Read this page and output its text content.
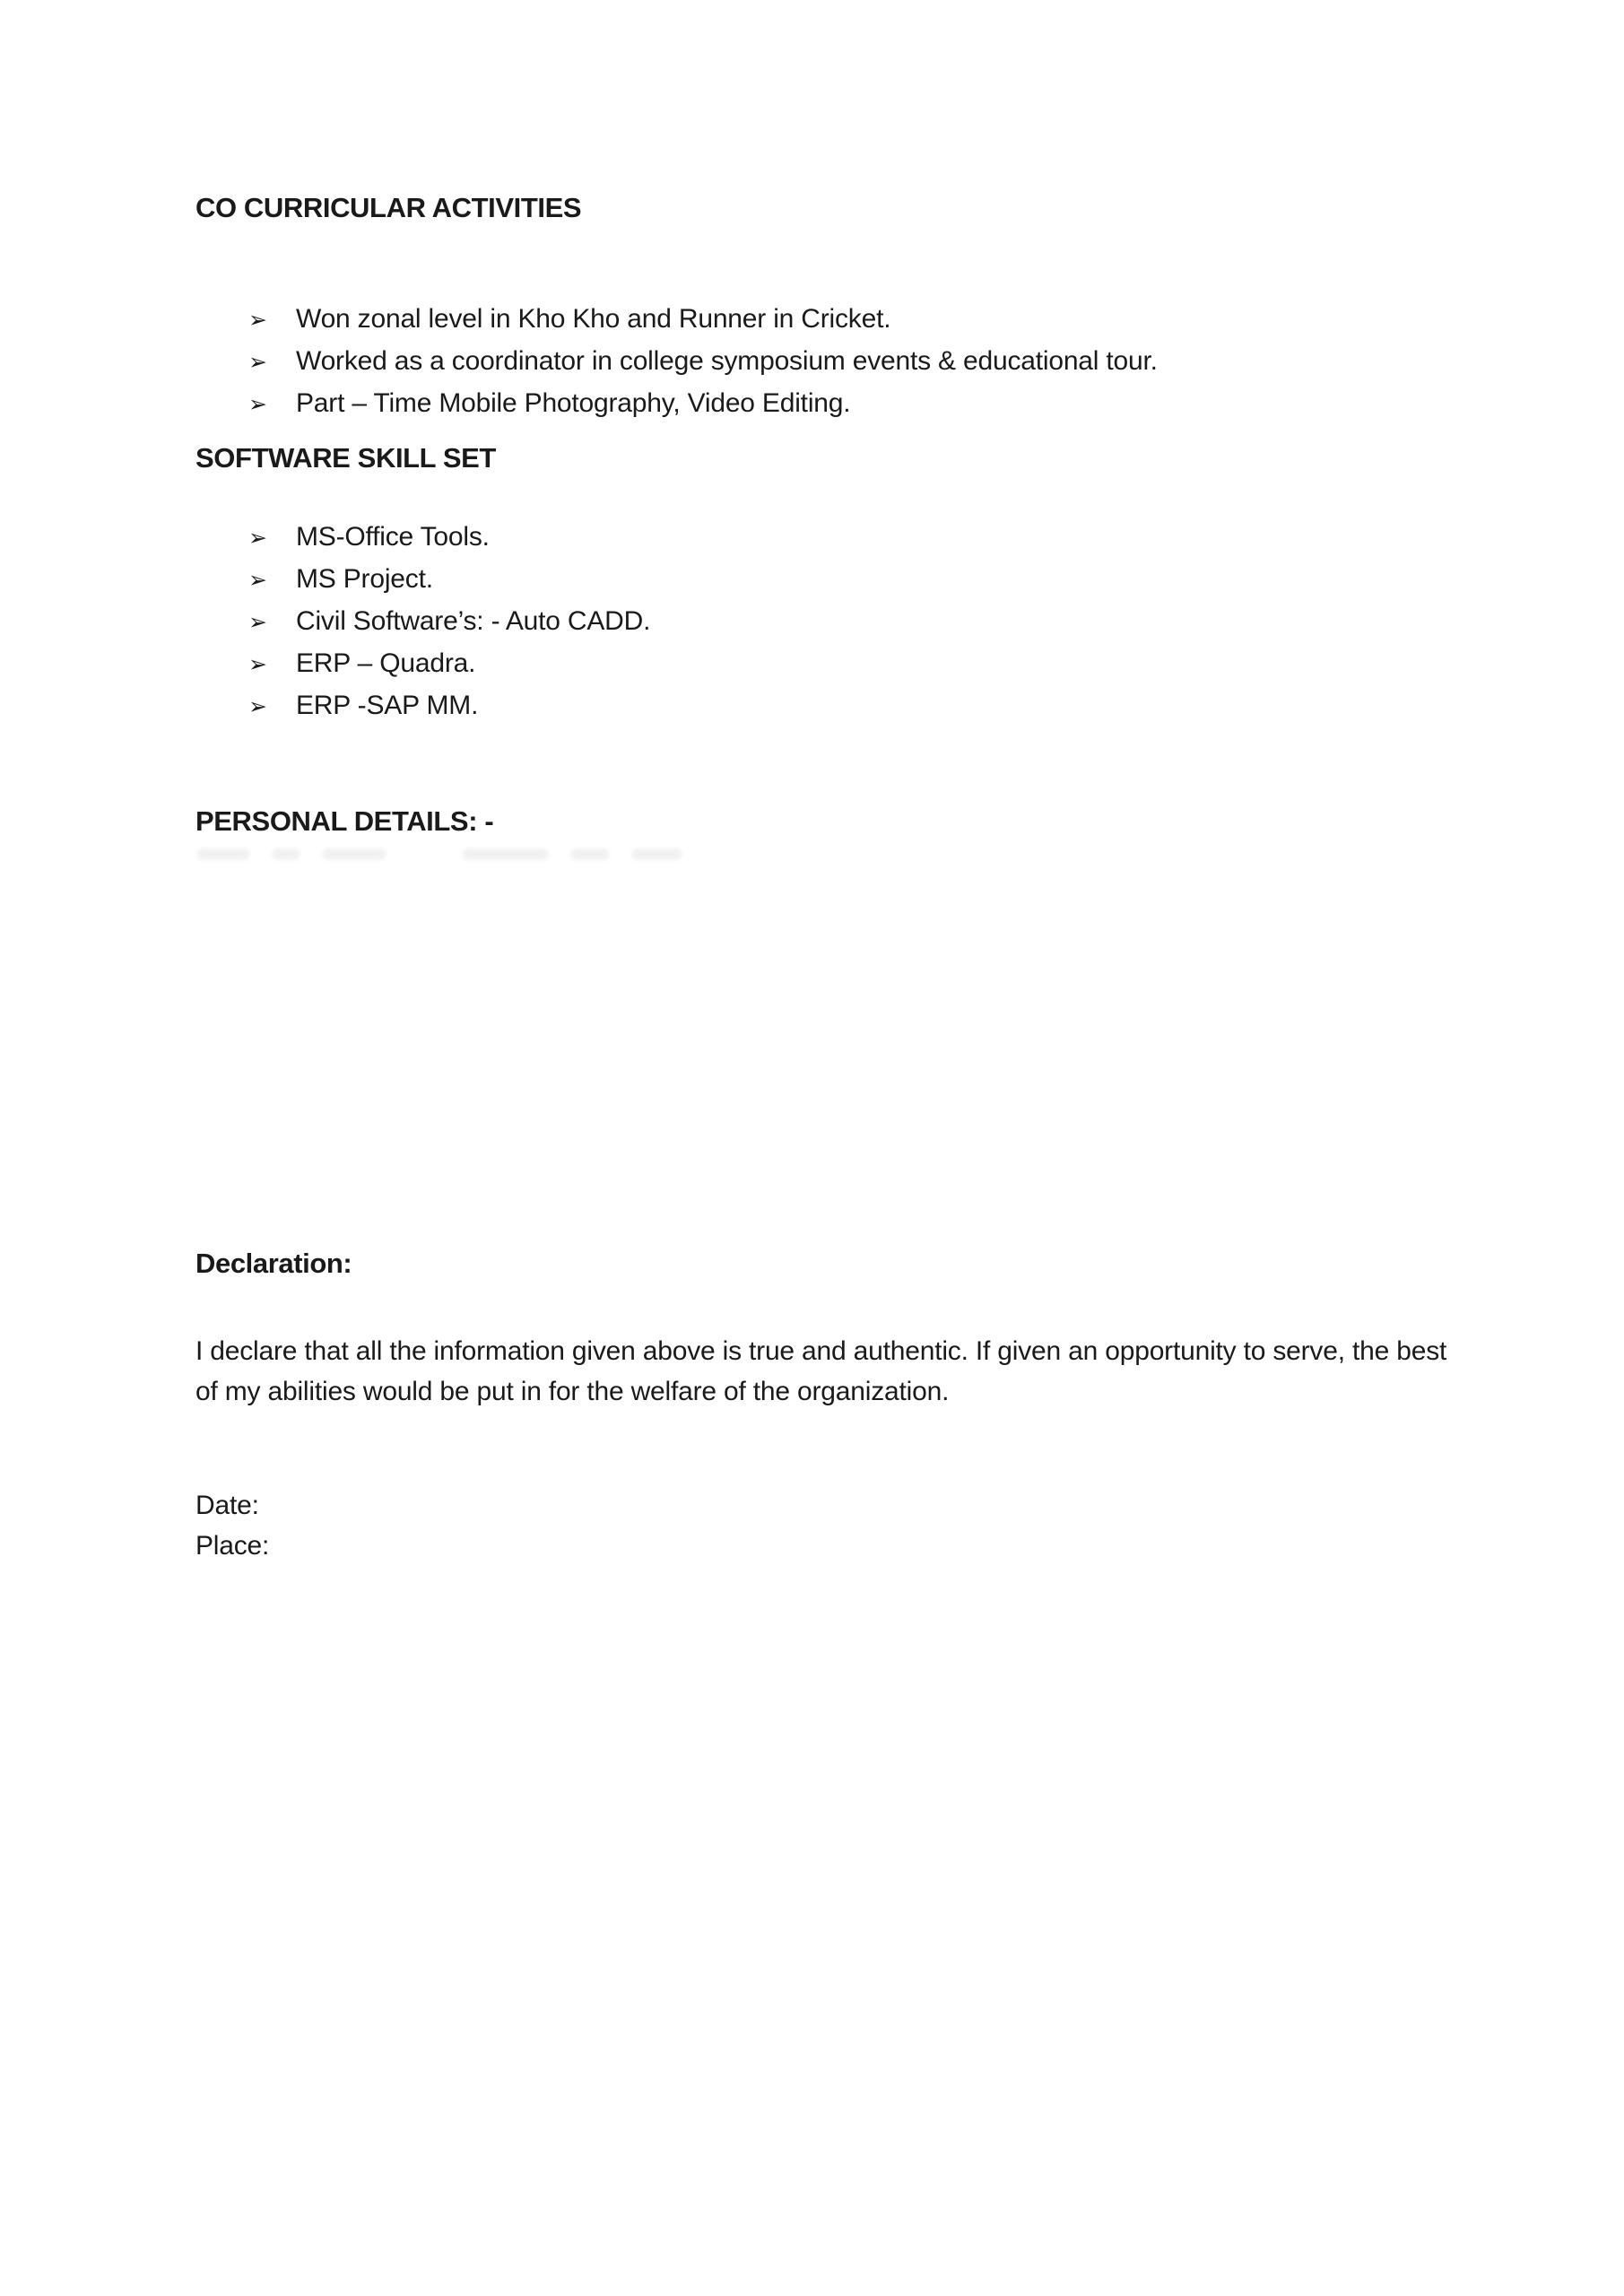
CO CURRICULAR ACTIVITIES
➢	Won zonal level in Kho Kho and Runner in Cricket.
➢	Worked as a coordinator in college symposium events & educational tour.
➢	Part – Time Mobile Photography, Video Editing.
SOFTWARE SKILL SET
➢	MS-Office Tools.
➢	MS Project.
➢	Civil Software’s: - Auto CADD.
➢	ERP – Quadra.
➢	ERP -SAP MM.
PERSONAL DETAILS: -
Declaration:
I declare that all the information given above is true and authentic. If given an opportunity to serve, the best of my abilities would be put in for the welfare of the organization.
Date:
Place:
